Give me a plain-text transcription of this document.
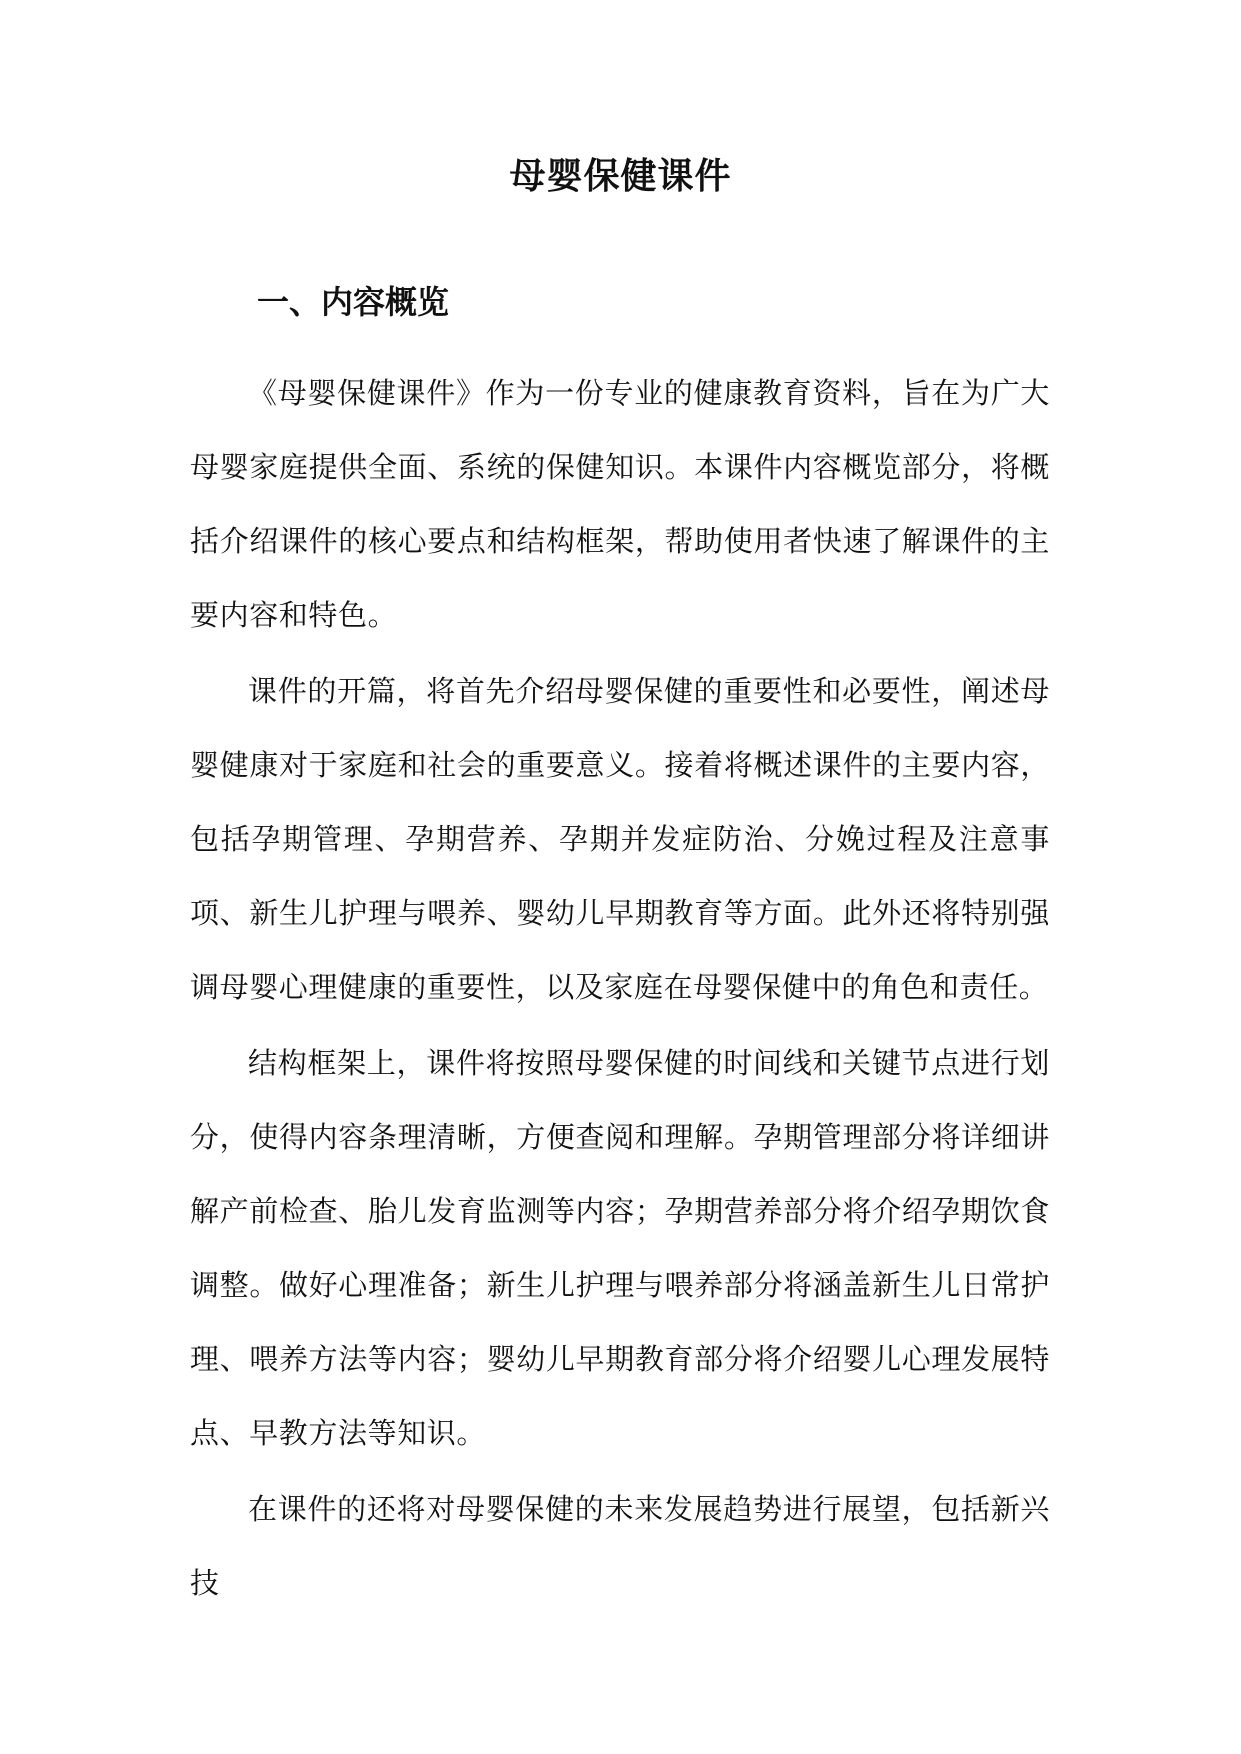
母婴保健课件
一、内容概览

《母婴保健课件》作为一份专业的健康教育资料，旨在为广大母婴家庭提供全面、系统的保健知识。本课件内容概览部分，将概括介绍课件的核心要点和结构框架，帮助使用者快速了解课件的主要内容和特色。

课件的开篇，将首先介绍母婴保健的重要性和必要性，阐述母婴健康对于家庭和社会的重要意义。接着将概述课件的主要内容，包括孕期管理、孕期营养、孕期并发症防治、分娩过程及注意事项、新生儿护理与喂养、婴幼儿早期教育等方面。此外还将特别强调母婴心理健康的重要性，以及家庭在母婴保健中的角色和责任。

结构框架上，课件将按照母婴保健的时间线和关键节点进行划分，使得内容条理清晰，方便查阅和理解。孕期管理部分将详细讲解产前检查、胎儿发育监测等内容；孕期营养部分将介绍孕期饮食调整。做好心理准备；新生儿护理与喂养部分将涵盖新生儿日常护理、喂养方法等内容；婴幼儿早期教育部分将介绍婴儿心理发展特点、早教方法等知识。

在课件的还将对母婴保健的未来发展趋势进行展望，包括新兴技
